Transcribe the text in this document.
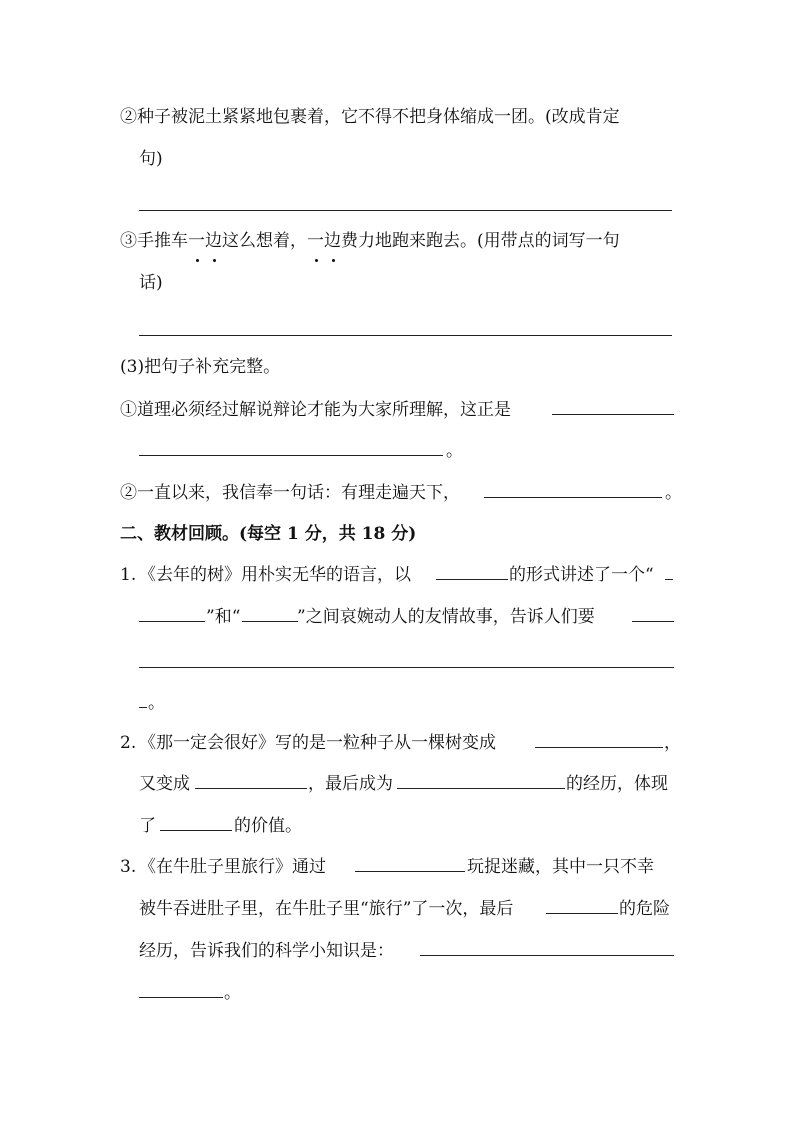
②种子被泥土紧紧地包裹着，它不得不把身体缩成一团。(改成肯定
句)
③手推车一边这么想着，一边费力地跑来跑去。(用带点的词写一句
话)
(3)把句子补充完整。
①道理必须经过解说辩论才能为大家所理解，这正是
。
②一直以来，我信奉一句话：有理走遍天下，	。
二、教材回顾。(每空 1 分，共 18 分)
1. 《去年的树》用朴实无华的语言，以	的形式讲述了一个“
”和“	”之间哀婉动人的友情故事，告诉人们要
。
2. 《那一定会很好》写的是一粒种子从一棵树变成	，
又变成	，最后成为	的经历，体现
了	的价值。
3. 《在牛肚子里旅行》通过	玩捉迷藏，其中一只不幸
被牛吞进肚子里，在牛肚子里“旅行”了一次，最后	的危险
经历，告诉我们的科学小知识是：
。
